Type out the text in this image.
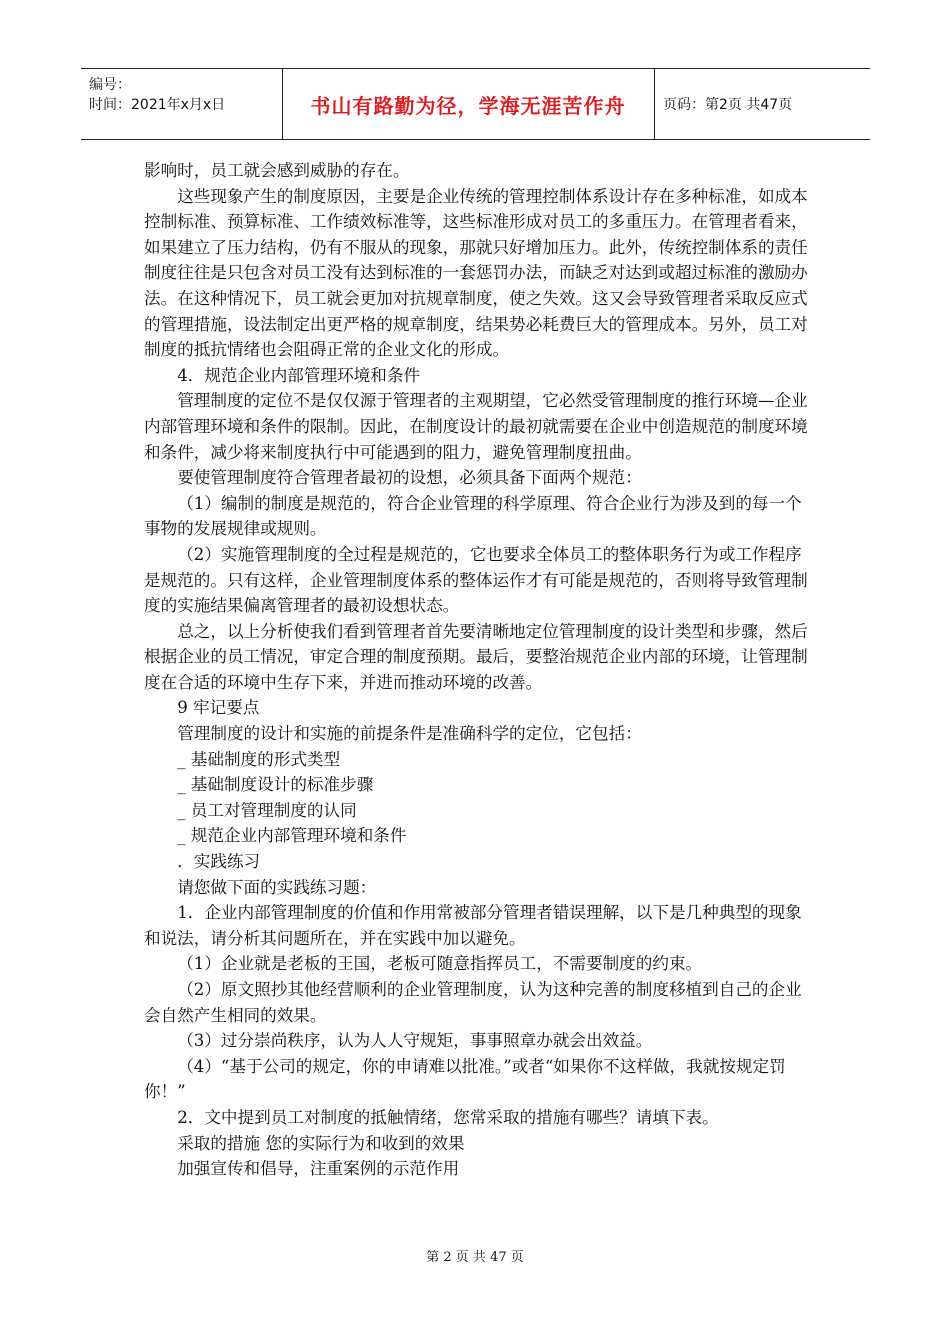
编号：
时间：2021年x月x日	书山有路勤为径，学海无涯苦作舟	页码：第2页 共47页

影响时，员工就会感到威胁的存在。

这些现象产生的制度原因，主要是企业传统的管理控制体系设计存在多种标准，如成本控制标准、预算标准、工作绩效标准等，这些标准形成对员工的多重压力。在管理者看来，如果建立了压力结构，仍有不服从的现象，那就只好增加压力。此外，传统控制体系的责任制度往往是只包含对员工没有达到标准的一套惩罚办法，而缺乏对达到或超过标准的激励办法。在这种情况下，员工就会更加对抗规章制度，使之失效。这又会导致管理者采取反应式的管理措施，设法制定出更严格的规章制度，结果势必耗费巨大的管理成本。另外，员工对制度的抵抗情绪也会阻碍正常的企业文化的形成。

4．规范企业内部管理环境和条件

管理制度的定位不是仅仅源于管理者的主观期望，它必然受管理制度的推行环境—企业内部管理环境和条件的限制。因此，在制度设计的最初就需要在企业中创造规范的制度环境和条件，减少将来制度执行中可能遇到的阻力，避免管理制度扭曲。

要使管理制度符合管理者最初的设想，必须具备下面两个规范：

（1）编制的制度是规范的，符合企业管理的科学原理、符合企业行为涉及到的每一个事物的发展规律或规则。

（2）实施管理制度的全过程是规范的，它也要求全体员工的整体职务行为或工作程序是规范的。只有这样，企业管理制度体系的整体运作才有可能是规范的，否则将导致管理制度的实施结果偏离管理者的最初设想状态。

总之，以上分析使我们看到管理者首先要清晰地定位管理制度的设计类型和步骤，然后根据企业的员工情况，审定合理的制度预期。最后，要整治规范企业内部的环境，让管理制度在合适的环境中生存下来，并进而推动环境的改善。

9 牢记要点

管理制度的设计和实施的前提条件是准确科学的定位，它包括：

_ 基础制度的形式类型

_ 基础制度设计的标准步骤

_ 员工对管理制度的认同

_ 规范企业内部管理环境和条件

．实践练习

请您做下面的实践练习题：

1．企业内部管理制度的价值和作用常被部分管理者错误理解，以下是几种典型的现象和说法，请分析其问题所在，并在实践中加以避免。

（1）企业就是老板的王国，老板可随意指挥员工，不需要制度的约束。

（2）原文照抄其他经营顺利的企业管理制度，认为这种完善的制度移植到自己的企业会自然产生相同的效果。

（3）过分崇尚秩序，认为人人守规矩，事事照章办就会出效益。

（4）“基于公司的规定，你的申请难以批准。”或者“如果你不这样做，我就按规定罚你！”

2．文中提到员工对制度的抵触情绪，您常采取的措施有哪些？请填下表。

采取的措施 您的实际行为和收到的效果

加强宣传和倡导，注重案例的示范作用

第 2 页 共 47 页
